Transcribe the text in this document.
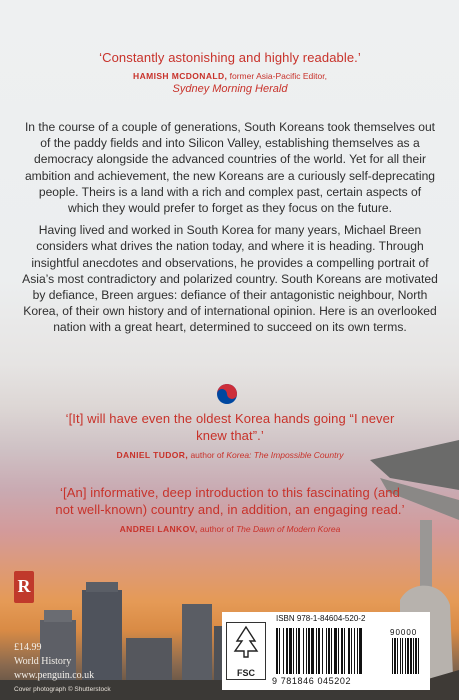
‘Constantly astonishing and highly readable.’
HAMISH MCDONALD, former Asia-Pacific Editor,
Sydney Morning Herald

In the course of a couple of generations, South Koreans took themselves out of the paddy fields and into Silicon Valley, establishing themselves as a democracy alongside the advanced countries of the world. Yet for all their ambition and achievement, the new Koreans are a curiously self-deprecating people. Theirs is a land with a rich and complex past, certain aspects of which they would prefer to forget as they focus on the future.

Having lived and worked in South Korea for many years, Michael Breen considers what drives the nation today, and where it is heading. Through insightful anecdotes and observations, he provides a compelling portrait of Asia’s most contradictory and polarized country. South Koreans are motivated by defiance, Breen argues: defiance of their antagonistic neighbour, North Korea, of their own history and of international opinion. Here is an overlooked nation with a great heart, determined to succeed on its own terms.

‘[It] will have even the oldest Korea hands going “I never knew that”.’
DANIEL TUDOR, author of Korea: The Impossible Country
‘[An] informative, deep introduction to this fascinating (and not well-known) country and, in addition, an engaging read.’
ANDREI LANKOV, author of The Dawn of Modern Korea
R
£14.99
World History
www.penguin.co.uk
Cover photograph © Shutterstock
FSC
ISBN 978-1-84604-520-2
90000
9 781846 045202
